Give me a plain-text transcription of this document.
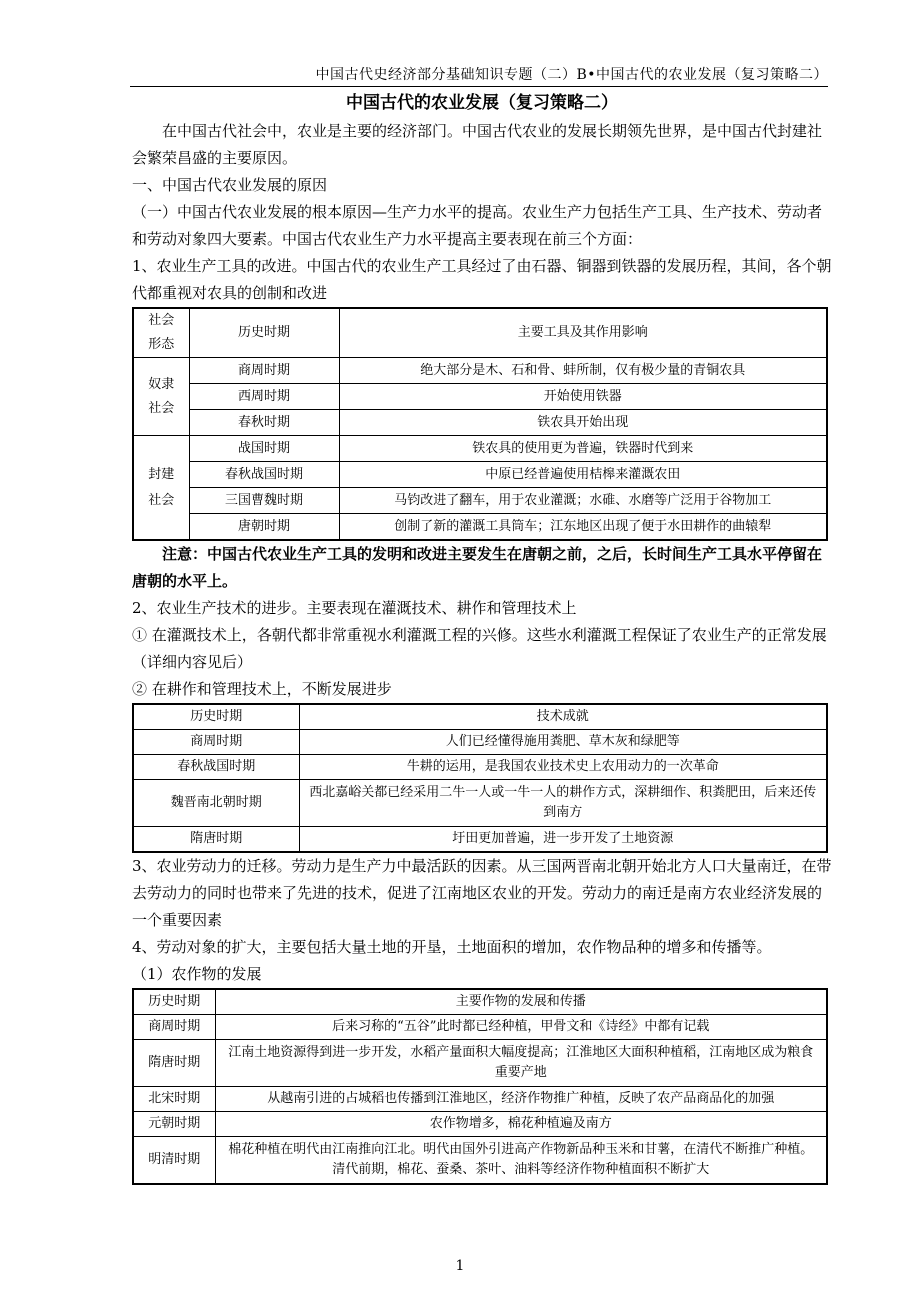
中国古代史经济部分基础知识专题（二）B•中国古代的农业发展（复习策略二）
中国古代的农业发展（复习策略二）

在中国古代社会中，农业是主要的经济部门。中国古代农业的发展长期领先世界，是中国古代封建社会繁荣昌盛的主要原因。

一、中国古代农业发展的原因

（一）中国古代农业发展的根本原因—生产力水平的提高。农业生产力包括生产工具、生产技术、劳动者和劳动对象四大要素。中国古代农业生产力水平提高主要表现在前三个方面：

1、农业生产工具的改进。中国古代的农业生产工具经过了由石器、铜器到铁器的发展历程，其间，各个朝代都重视对农具的创制和改进

社会
形态	历史时期	主要工具及其作用影响
奴隶
社会	商周时期	绝大部分是木、石和骨、蚌所制，仅有极少量的青铜农具
	西周时期	开始使用铁器
	春秋时期	铁农具开始出现
封建
社会	战国时期	铁农具的使用更为普遍，铁器时代到来
	春秋战国时期	中原已经普遍使用桔槔来灌溉农田
	三国曹魏时期	马钧改进了翻车，用于农业灌溉；水碓、水磨等广泛用于谷物加工
	唐朝时期	创制了新的灌溉工具筒车；江东地区出现了便于水田耕作的曲辕犁

注意：中国古代农业生产工具的发明和改进主要发生在唐朝之前，之后，长时间生产工具水平停留在唐朝的水平上。

2、农业生产技术的进步。主要表现在灌溉技术、耕作和管理技术上

① 在灌溉技术上，各朝代都非常重视水利灌溉工程的兴修。这些水利灌溉工程保证了农业生产的正常发展（详细内容见后）

② 在耕作和管理技术上，不断发展进步

历史时期	技术成就
商周时期	人们已经懂得施用粪肥、草木灰和绿肥等
春秋战国时期	牛耕的运用，是我国农业技术史上农用动力的一次革命
魏晋南北朝时期	西北嘉峪关都已经采用二牛一人或一牛一人的耕作方式，深耕细作、积粪肥田，后来还传到南方
隋唐时期	圩田更加普遍，进一步开发了土地资源

3、农业劳动力的迁移。劳动力是生产力中最活跃的因素。从三国两晋南北朝开始北方人口大量南迁，在带去劳动力的同时也带来了先进的技术，促进了江南地区农业的开发。劳动力的南迁是南方农业经济发展的一个重要因素

4、劳动对象的扩大，主要包括大量土地的开垦，土地面积的增加，农作物品种的增多和传播等。

（1）农作物的发展

历史时期	主要作物的发展和传播
商周时期	后来习称的“五谷”此时都已经种植，甲骨文和《诗经》中都有记载
隋唐时期	江南土地资源得到进一步开发，水稻产量面积大幅度提高；江淮地区大面积种植稻，江南地区成为粮食重要产地
北宋时期	从越南引进的占城稻也传播到江淮地区，经济作物推广种植，反映了农产品商品化的加强
元朝时期	农作物增多，棉花种植遍及南方
明清时期	棉花种植在明代由江南推向江北。明代由国外引进高产作物新品种玉米和甘薯，在清代不断推广种植。清代前期，棉花、蚕桑、茶叶、油料等经济作物种植面积不断扩大
1
